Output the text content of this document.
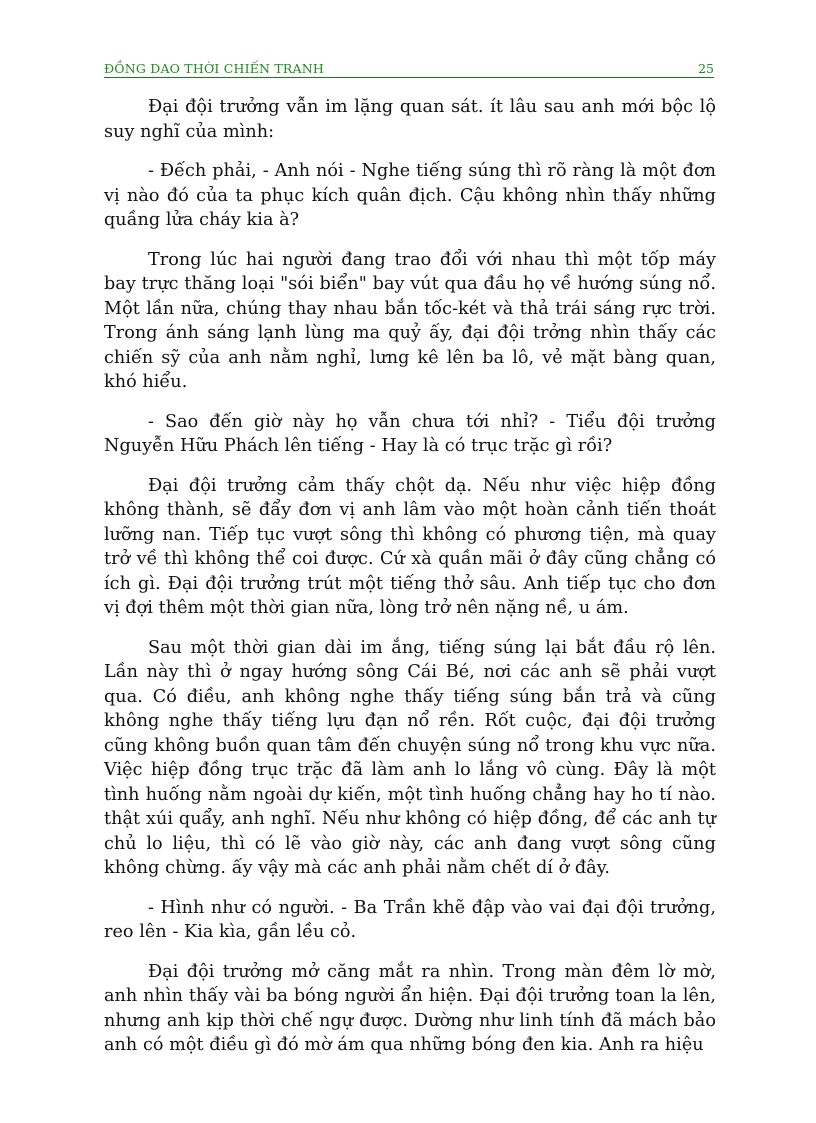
ĐỒNG DAO THỜI CHIẾN TRANH	25

Đại đội trưởng vẫn im lặng quan sát. ít lâu sau anh mới bộc lộ suy nghĩ của mình:

- Đếch phải, - Anh nói - Nghe tiếng súng thì rõ ràng là một đơn vị nào đó của ta phục kích quân địch. Cậu không nhìn thấy những quầng lửa cháy kia à?

Trong lúc hai người đang trao đổi với nhau thì một tốp máy bay trực thăng loại "sói biển" bay vút qua đầu họ về hướng súng nổ. Một lần nữa, chúng thay nhau bắn tốc-két và thả trái sáng rực trời. Trong ánh sáng lạnh lùng ma quỷ ấy, đại đội trởng nhìn thấy các chiến sỹ của anh nằm nghỉ, lưng kê lên ba lô, vẻ mặt bàng quan, khó hiểu.

- Sao đến giờ này họ vẫn chưa tới nhỉ? - Tiểu đội trưởng Nguyễn Hữu Phách lên tiếng - Hay là có trục trặc gì rồi?

Đại đội trưởng cảm thấy chột dạ. Nếu như việc hiệp đồng không thành, sẽ đẩy đơn vị anh lâm vào một hoàn cảnh tiến thoát lưỡng nan. Tiếp tục vượt sông thì không có phương tiện, mà quay trở về thì không thể coi được. Cứ xà quần mãi ở đây cũng chẳng có ích gì. Đại đội trưởng trút một tiếng thở sâu. Anh tiếp tục cho đơn vị đợi thêm một thời gian nữa, lòng trở nên nặng nề, u ám.

Sau một thời gian dài im ắng, tiếng súng lại bắt đầu rộ lên. Lần này thì ở ngay hướng sông Cái Bé, nơi các anh sẽ phải vượt qua. Có điều, anh không nghe thấy tiếng súng bắn trả và cũng không nghe thấy tiếng lựu đạn nổ rền. Rốt cuộc, đại đội trưởng cũng không buồn quan tâm đến chuyện súng nổ trong khu vực nữa. Việc hiệp đồng trục trặc đã làm anh lo lắng vô cùng. Đây là một tình huống nằm ngoài dự kiến, một tình huống chẳng hay ho tí nào. thật xúi quẩy, anh nghĩ. Nếu như không có hiệp đồng, để các anh tự chủ lo liệu, thì có lẽ vào giờ này, các anh đang vượt sông cũng không chừng. ấy vậy mà các anh phải nằm chết dí ở đây.

- Hình như có người. - Ba Trần khẽ đập vào vai đại đội trưởng, reo lên - Kia kìa, gần lều cỏ.

Đại đội trưởng mở căng mắt ra nhìn. Trong màn đêm lờ mờ, anh nhìn thấy vài ba bóng người ẩn hiện. Đại đội trưởng toan la lên, nhưng anh kịp thời chế ngự được. Dường như linh tính đã mách bảo anh có một điều gì đó mờ ám qua những bóng đen kia. Anh ra hiệu
